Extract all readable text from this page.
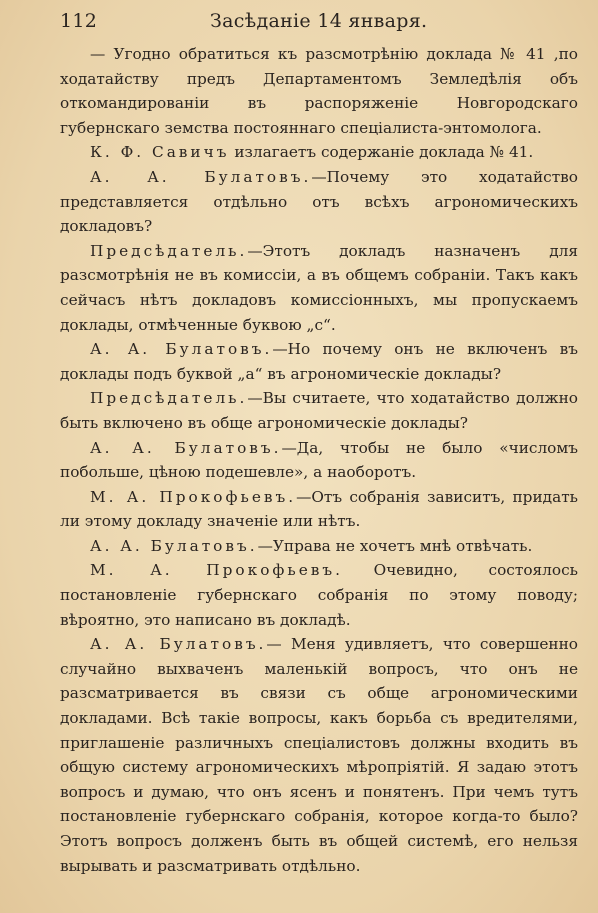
112	Засѣданіе 14 января.

— Угодно обратиться къ разсмотрѣнію доклада № 41 ,по ходатайству предъ Департаментомъ Земледѣлія объ откомандированіи въ распоряженіе Новгородскаго губернскаго земства постояннаго спеціалиста-энтомолога.

К. Ф. Савичъ излагаетъ содержаніе доклада № 41.

А. А. Булатовъ.—Почему это ходатайство представляется отдѣльно отъ всѣхъ агрономическихъ докладовъ?

Предсѣдатель.—Этотъ докладъ назначенъ для разсмотрѣнія не въ комиссіи, а въ общемъ собраніи. Такъ какъ сейчасъ нѣтъ докладовъ комиссіонныхъ, мы пропускаемъ доклады, отмѣченные буквою „с“.

А. А. Булатовъ.—Но почему онъ не включенъ въ доклады подъ буквой „а“ въ агрономическіе доклады?

Предсѣдатель.—Вы считаете, что ходатайство должно быть включено въ обще агрономическіе доклады?

А. А. Булатовъ.—Да, чтобы не было «числомъ побольше, цѣною подешевле», а наоборотъ.

М. А. Прокофьевъ.—Отъ собранія зависитъ, придать ли этому докладу значеніе или нѣтъ.

А. А. Булатовъ.—Управа не хочетъ мнѣ отвѣчать.

М. А. Прокофьевъ. Очевидно, состоялось постановленіе губернскаго собранія по этому поводу; вѣроятно, это написано въ докладѣ.

А. А. Булатовъ.— Меня удивляетъ, что совершенно случайно выхваченъ маленькій вопросъ, что онъ не разсматривается въ связи съ обще агрономическими докладами. Всѣ такіе вопросы, какъ борьба съ вредителями, приглашеніе различныхъ спеціалистовъ должны входить въ общую систему агрономическихъ мѣропріятій. Я задаю этотъ вопросъ и думаю, что онъ ясенъ и понятенъ. При чемъ тутъ постановленіе губернскаго собранія, которое когда-то было? Этотъ вопросъ долженъ быть въ общей системѣ, его нельзя вырывать и разсматривать отдѣльно.
